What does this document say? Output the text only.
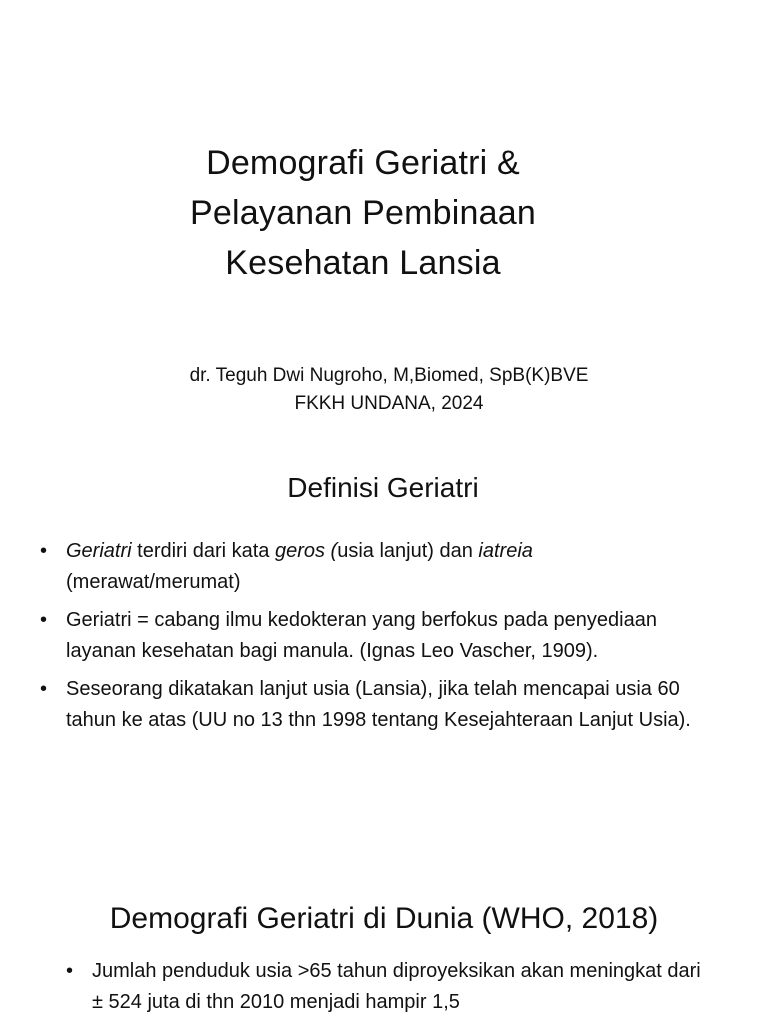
Demografi Geriatri &
Pelayanan Pembinaan
Kesehatan Lansia
dr. Teguh Dwi Nugroho, M,Biomed, SpB(K)BVE
FKKH UNDANA, 2024
Definisi Geriatri
• Geriatri terdiri dari kata geros (usia lanjut) dan iatreia (merawat/merumat)
• Geriatri = cabang ilmu kedokteran yang berfokus pada penyediaan layanan kesehatan bagi manula. (Ignas Leo Vascher, 1909).
• Seseorang dikatakan lanjut usia (Lansia), jika telah mencapai usia 60 tahun ke atas (UU no 13 thn 1998 tentang Kesejahteraan Lanjut Usia).
Demografi Geriatri di Dunia (WHO, 2018)
• Jumlah penduduk usia >65 tahun diproyeksikan akan meningkat dari ± 524 juta di thn 2010 menjadi hampir 1,5
